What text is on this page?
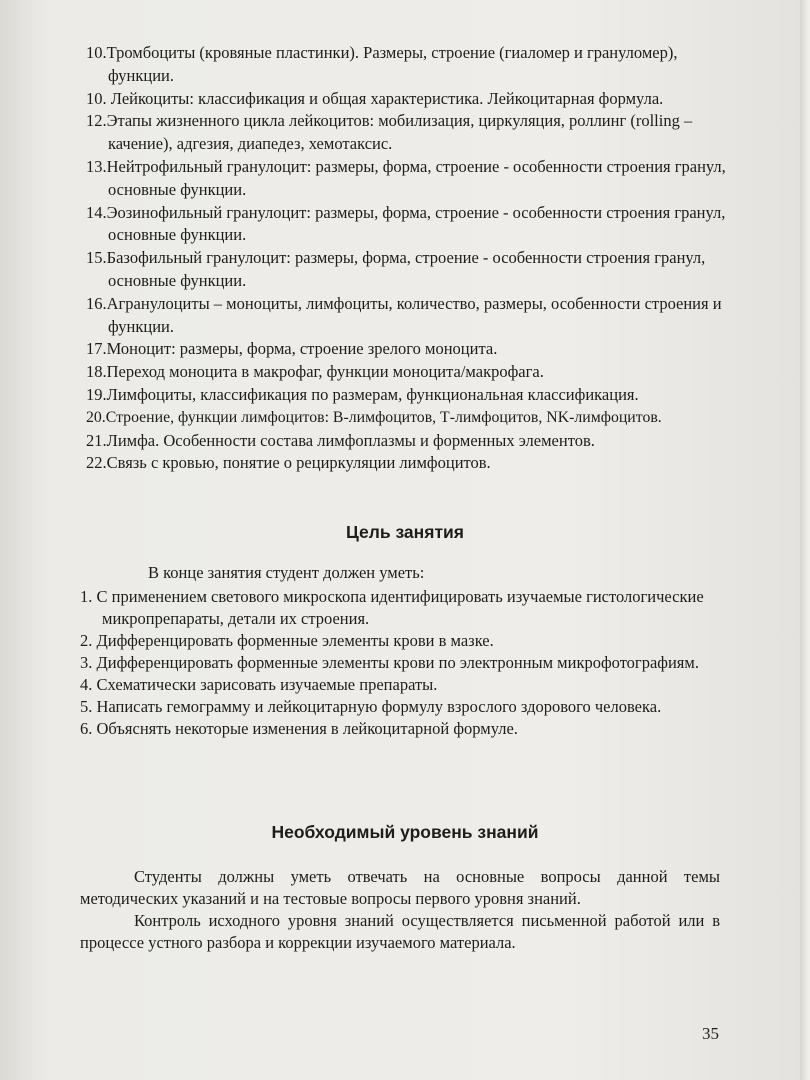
10.Тромбоциты (кровяные пластинки). Размеры, строение (гиаломер и грануломер), функции.
10. Лейкоциты: классификация и общая характеристика. Лейкоцитарная формула.
12.Этапы жизненного цикла лейкоцитов: мобилизация, циркуляция, роллинг (rolling – качение), адгезия, диапедез, хемотаксис.
13.Нейтрофильный гранулоцит: размеры, форма, строение - особенности строения гранул, основные функции.
14.Эозинофильный гранулоцит: размеры, форма, строение - особенности строения гранул, основные функции.
15.Базофильный гранулоцит: размеры, форма, строение - особенности строения гранул, основные функции.
16.Агранулоциты – моноциты, лимфоциты, количество, размеры, особенности строения и функции.
17.Моноцит: размеры, форма, строение зрелого моноцита.
18.Переход моноцита в макрофаг, функции моноцита/макрофага.
19.Лимфоциты, классификация по размерам, функциональная классификация.
20.Строение, функции лимфоцитов: В-лимфоцитов, Т-лимфоцитов, NK-лимфоцитов.
21.Лимфа. Особенности состава лимфоплазмы и форменных элементов.
22.Связь с кровью, понятие о рециркуляции лимфоцитов.
Цель занятия
В конце занятия студент должен уметь:
1. С применением светового микроскопа идентифицировать изучаемые гистологические микропрепараты, детали их строения.
2. Дифференцировать форменные элементы крови в мазке.
3. Дифференцировать форменные элементы крови по электронным микрофотографиям.
4. Схематически зарисовать изучаемые препараты.
5. Написать гемограмму и лейкоцитарную формулу взрослого здорового человека.
6. Объяснять некоторые изменения в лейкоцитарной формуле.
Необходимый уровень знаний
Студенты должны уметь отвечать на основные вопросы данной темы методических указаний и на тестовые вопросы первого уровня знаний.
Контроль исходного уровня знаний осуществляется письменной работой или в процессе устного разбора и коррекции изучаемого материала.
35
